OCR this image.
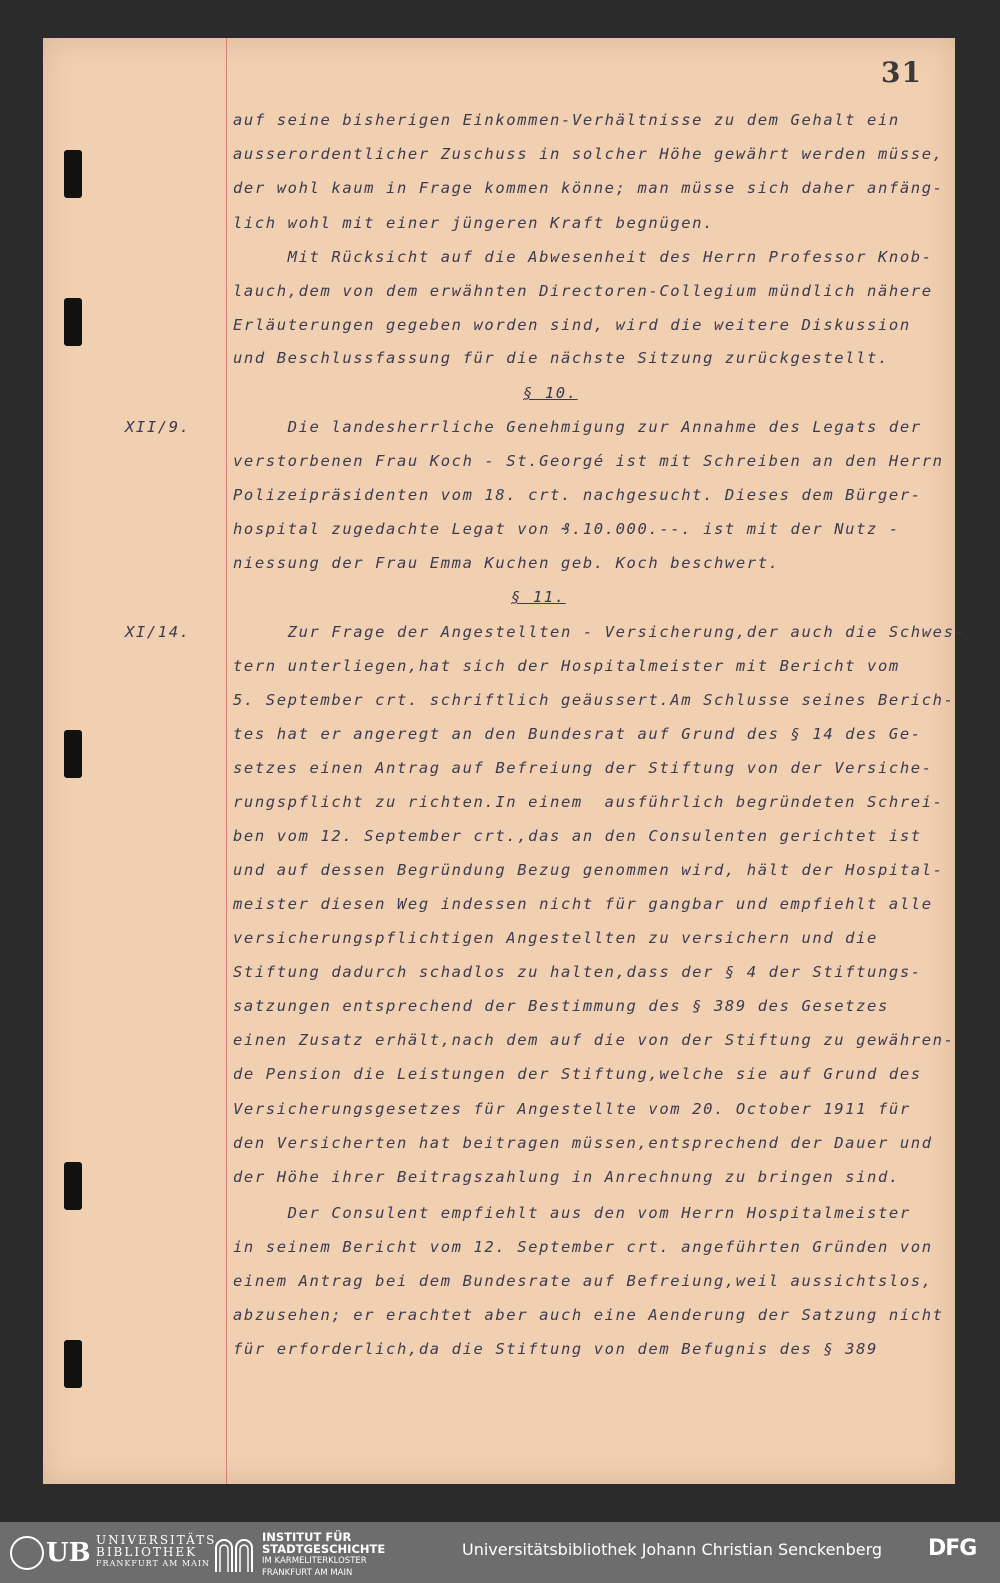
31
auf seine bisherigen Einkommen-Verhältnisse zu dem Gehalt ein
ausserordentlicher Zuschuss in solcher Höhe gewährt werden müsse,
der wohl kaum in Frage kommen könne; man müsse sich daher anfäng-
lich wohl mit einer jüngeren Kraft begnügen.
Mit Rücksicht auf die Abwesenheit des Herrn Professor Knob-
lauch,dem von dem erwähnten Directoren-Collegium mündlich nähere
Erläuterungen gegeben worden sind, wird die weitere Diskussion
und Beschlussfassung für die nächste Sitzung zurückgestellt.
§ 10.
XII/9.	Die landesherrliche Genehmigung zur Annahme des Legats der
verstorbenen Frau Koch - St.Georgé ist mit Schreiben an den Herrn
Polizeipräsidenten vom 18. crt. nachgesucht. Dieses dem Bürger-
hospital zugedachte Legat von ₰.10.000.--. ist mit der Nutz -
niessung der Frau Emma Kuchen geb. Koch beschwert.
§ 11.
XI/14.	Zur Frage der Angestellten - Versicherung,der auch die Schwes-
tern unterliegen,hat sich der Hospitalmeister mit Bericht vom
5. September crt. schriftlich geäussert.Am Schlusse seines Berich-
tes hat er angeregt an den Bundesrat auf Grund des § 14 des Ge-
setzes einen Antrag auf Befreiung der Stiftung von der Versiche-
rungspflicht zu richten.In einem  ausführlich begründeten Schrei-
ben vom 12. September crt.,das an den Consulenten gerichtet ist
und auf dessen Begründung Bezug genommen wird, hält der Hospital-
meister diesen Weg indessen nicht für gangbar und empfiehlt alle
versicherungspflichtigen Angestellten zu versichern und die
Stiftung dadurch schadlos zu halten,dass der § 4 der Stiftungs-
satzungen entsprechend der Bestimmung des § 389 des Gesetzes
einen Zusatz erhält,nach dem auf die von der Stiftung zu gewähren-
de Pension die Leistungen der Stiftung,welche sie auf Grund des
Versicherungsgesetzes für Angestellte vom 20. October 1911 für
den Versicherten hat beitragen müssen,entsprechend der Dauer und
der Höhe ihrer Beitragszahlung in Anrechnung zu bringen sind.
Der Consulent empfiehlt aus den vom Herrn Hospitalmeister
in seinem Bericht vom 12. September crt. angeführten Gründen von
einem Antrag bei dem Bundesrate auf Befreiung,weil aussichtslos,
abzusehen; er erachtet aber auch eine Aenderung der Satzung nicht
für erforderlich,da die Stiftung von dem Befugnis des § 389
UB UNIVERSITÄTS
BIBLIOTHEK
FRANKFURT AM MAIN
INSTITUT FÜR
STADTGESCHICHTE
IM KARMELITERKLOSTER
FRANKFURT AM MAIN
Universitätsbibliothek Johann Christian Senckenberg DFG
